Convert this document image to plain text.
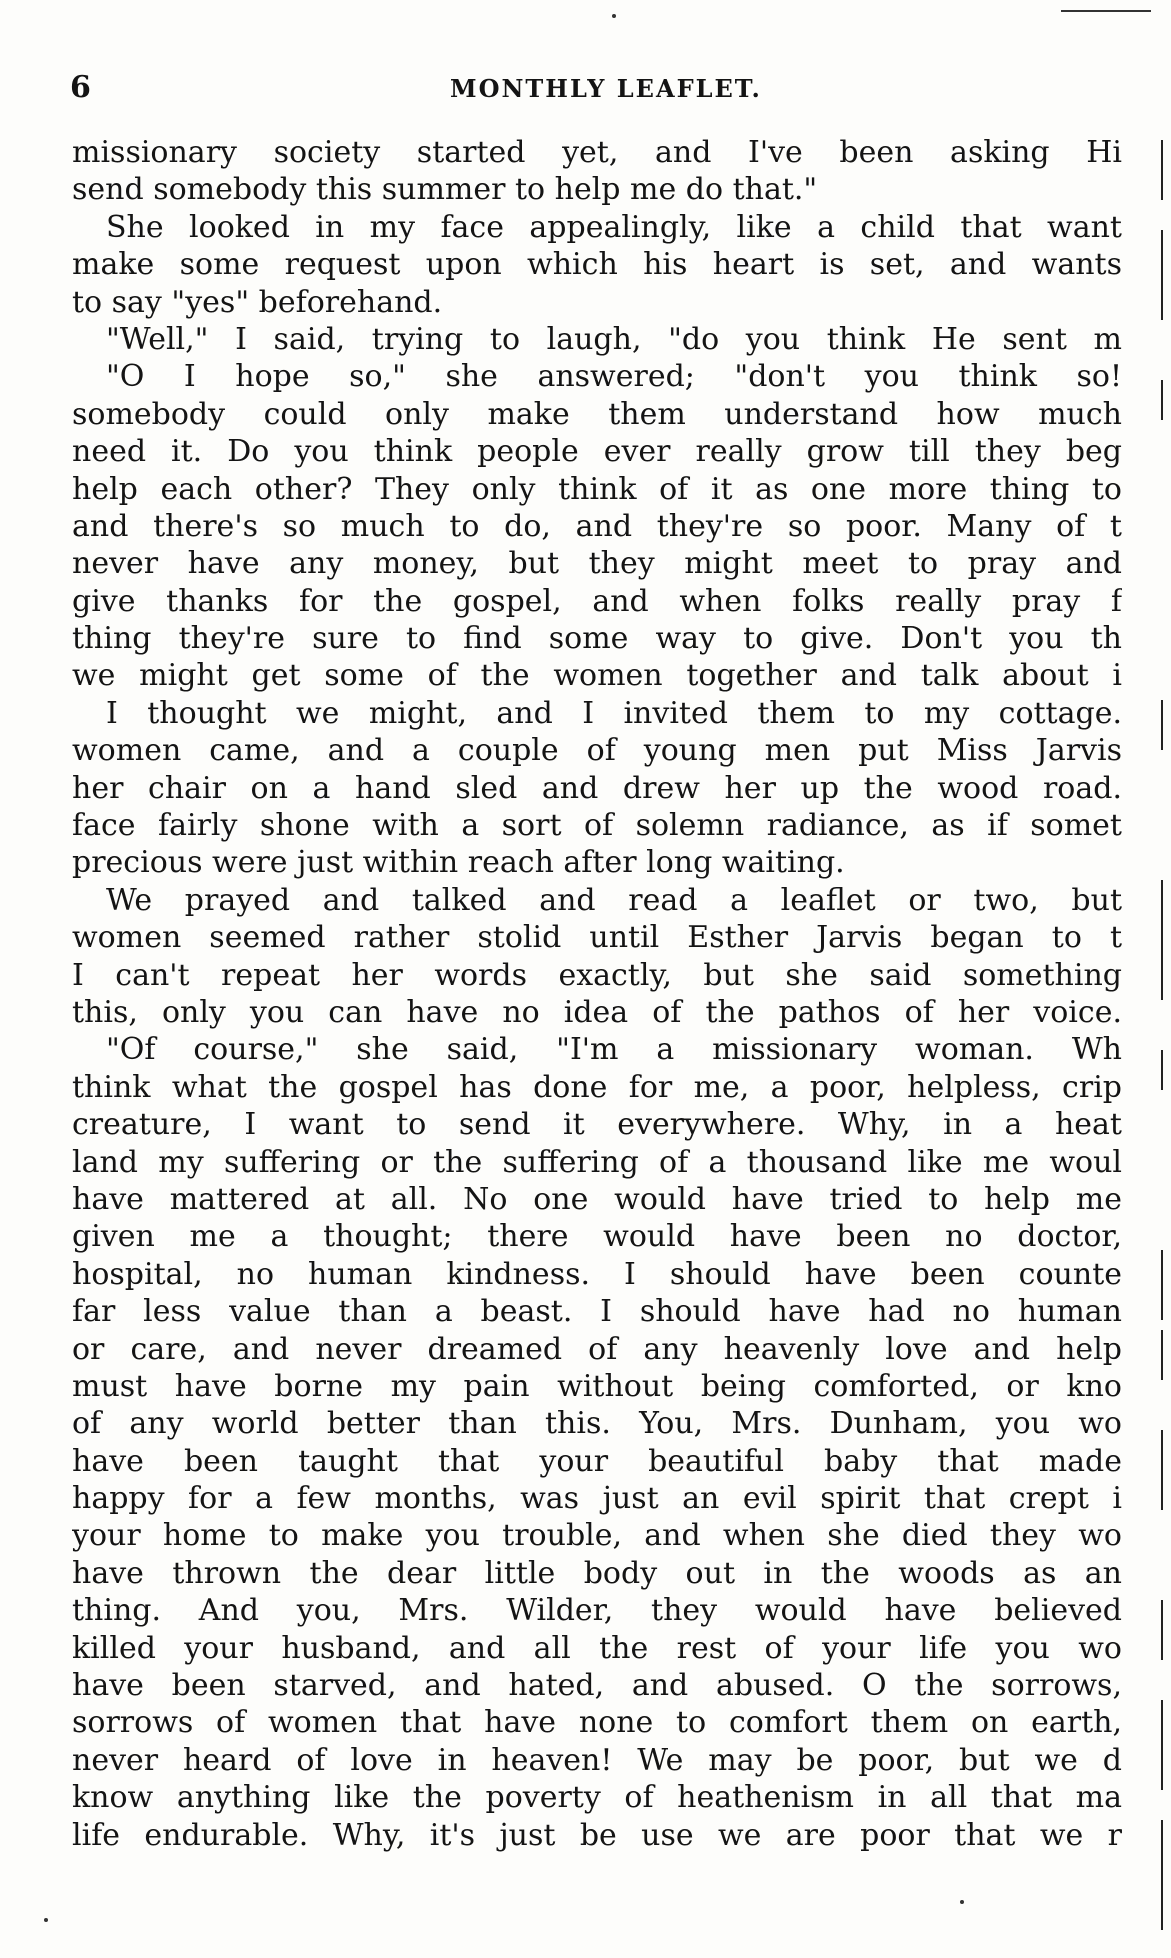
6	MONTHLY LEAFLET.
missionary society started yet, and I've been asking Hi
send somebody this summer to help me do that."
She looked in my face appealingly, like a child that want
make some request upon which his heart is set, and wants
to say "yes" beforehand.
"Well," I said, trying to laugh, "do you think He sent m
"O I hope so," she answered; "don't you think so!
somebody could only make them understand how much
need it. Do you think people ever really grow till they beg
help each other? They only think of it as one more thing to
and there's so much to do, and they're so poor. Many of t
never have any money, but they might meet to pray and
give thanks for the gospel, and when folks really pray f
thing they're sure to find some way to give. Don't you th
we might get some of the women together and talk about i
I thought we might, and I invited them to my cottage.
women came, and a couple of young men put Miss Jarvis
her chair on a hand sled and drew her up the wood road.
face fairly shone with a sort of solemn radiance, as if somet
precious were just within reach after long waiting.
We prayed and talked and read a leaflet or two, but
women seemed rather stolid until Esther Jarvis began to t
I can't repeat her words exactly, but she said something
this, only you can have no idea of the pathos of her voice.
"Of course," she said, "I'm a missionary woman. Wh
think what the gospel has done for me, a poor, helpless, crip
creature, I want to send it everywhere. Why, in a heat
land my suffering or the suffering of a thousand like me woul
have mattered at all. No one would have tried to help me
given me a thought; there would have been no doctor,
hospital, no human kindness. I should have been counte
far less value than a beast. I should have had no human
or care, and never dreamed of any heavenly love and help
must have borne my pain without being comforted, or kno
of any world better than this. You, Mrs. Dunham, you wo
have been taught that your beautiful baby that made
happy for a few months, was just an evil spirit that crept i
your home to make you trouble, and when she died they wo
have thrown the dear little body out in the woods as an
thing. And you, Mrs. Wilder, they would have believed
killed your husband, and all the rest of your life you wo
have been starved, and hated, and abused. O the sorrows,
sorrows of women that have none to comfort them on earth,
never heard of love in heaven! We may be poor, but we d
know anything like the poverty of heathenism in all that ma
life endurable. Why, it's just be use we are poor that we r
